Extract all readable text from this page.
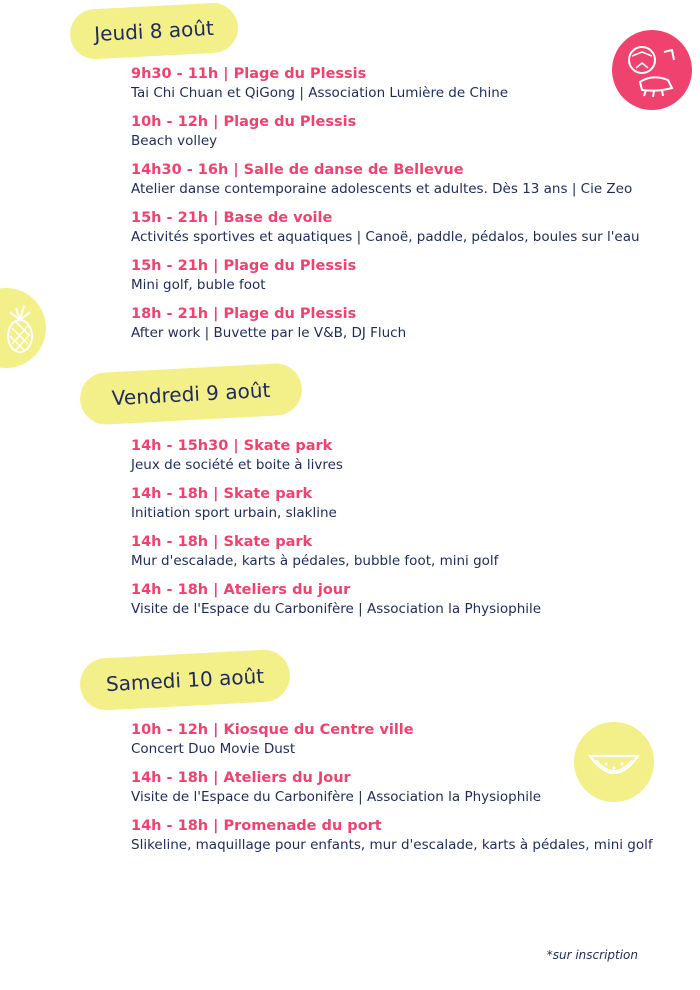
Jeudi 8 août
9h30 - 11h | Plage du Plessis
Tai Chi Chuan et QiGong | Association Lumière de Chine
10h - 12h | Plage du Plessis
Beach volley
14h30 - 16h | Salle de danse de Bellevue
Atelier danse contemporaine adolescents et adultes. Dès 13 ans | Cie Zeo
15h - 21h | Base de voile
Activités sportives et aquatiques | Canoë, paddle, pédalos, boules sur l'eau
15h - 21h | Plage du Plessis
Mini golf, buble foot
18h - 21h | Plage du Plessis
After work | Buvette par le V&B, DJ Fluch
Vendredi 9 août
14h - 15h30 | Skate park
Jeux de société et boite à livres
14h - 18h | Skate park
Initiation sport urbain, slakline
14h - 18h | Skate park
Mur d'escalade, karts à pédales, bubble foot, mini golf
14h - 18h | Ateliers du jour
Visite de l'Espace du Carbonifère | Association la Physiophile
Samedi 10 août
10h - 12h | Kiosque du Centre ville
Concert Duo Movie Dust
14h - 18h | Ateliers du Jour
Visite de l'Espace du Carbonifère | Association la Physiophile
14h - 18h | Promenade du port
Slikeline, maquillage pour enfants, mur d'escalade, karts à pédales, mini golf
*sur inscription
